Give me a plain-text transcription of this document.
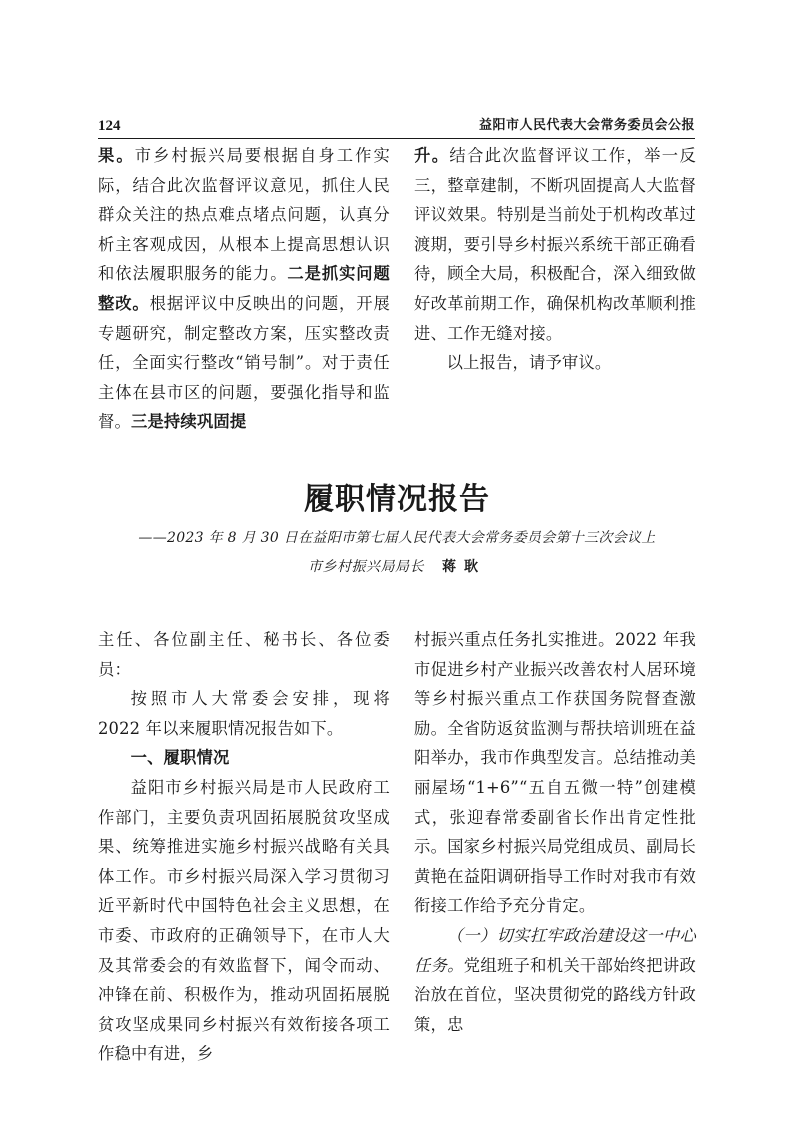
124	益阳市人民代表大会常务委员会公报

果。市乡村振兴局要根据自身工作实际，结合此次监督评议意见，抓住人民群众关注的热点难点堵点问题，认真分析主客观成因，从根本上提高思想认识和依法履职服务的能力。二是抓实问题整改。根据评议中反映出的问题，开展专题研究，制定整改方案，压实整改责任，全面实行整改“销号制”。对于责任主体在县市区的问题，要强化指导和监督。三是持续巩固提

升。结合此次监督评议工作，举一反三，整章建制，不断巩固提高人大监督评议效果。特别是当前处于机构改革过渡期，要引导乡村振兴系统干部正确看待，顾全大局，积极配合，深入细致做好改革前期工作，确保机构改革顺利推进、工作无缝对接。

以上报告，请予审议。

履职情况报告
——2023 年 8 月 30 日在益阳市第七届人民代表大会常务委员会第十三次会议上
市乡村振兴局局长 蒋耿

主任、各位副主任、秘书长、各位委员：

按照市人大常委会安排，现将 2022 年以来履职情况报告如下。

一、履职情况

益阳市乡村振兴局是市人民政府工作部门，主要负责巩固拓展脱贫攻坚成果、统筹推进实施乡村振兴战略有关具体工作。市乡村振兴局深入学习贯彻习近平新时代中国特色社会主义思想，在市委、市政府的正确领导下，在市人大及其常委会的有效监督下，闻令而动、冲锋在前、积极作为，推动巩固拓展脱贫攻坚成果同乡村振兴有效衔接各项工作稳中有进，乡

村振兴重点任务扎实推进。2022 年我市促进乡村产业振兴改善农村人居环境等乡村振兴重点工作获国务院督查激励。全省防返贫监测与帮扶培训班在益阳举办，我市作典型发言。总结推动美丽屋场“1+6”“五自五微一特”创建模式，张迎春常委副省长作出肯定性批示。国家乡村振兴局党组成员、副局长黄艳在益阳调研指导工作时对我市有效衔接工作给予充分肯定。

（一）切实扛牢政治建设这一中心任务。党组班子和机关干部始终把讲政治放在首位，坚决贯彻党的路线方针政策，忠
